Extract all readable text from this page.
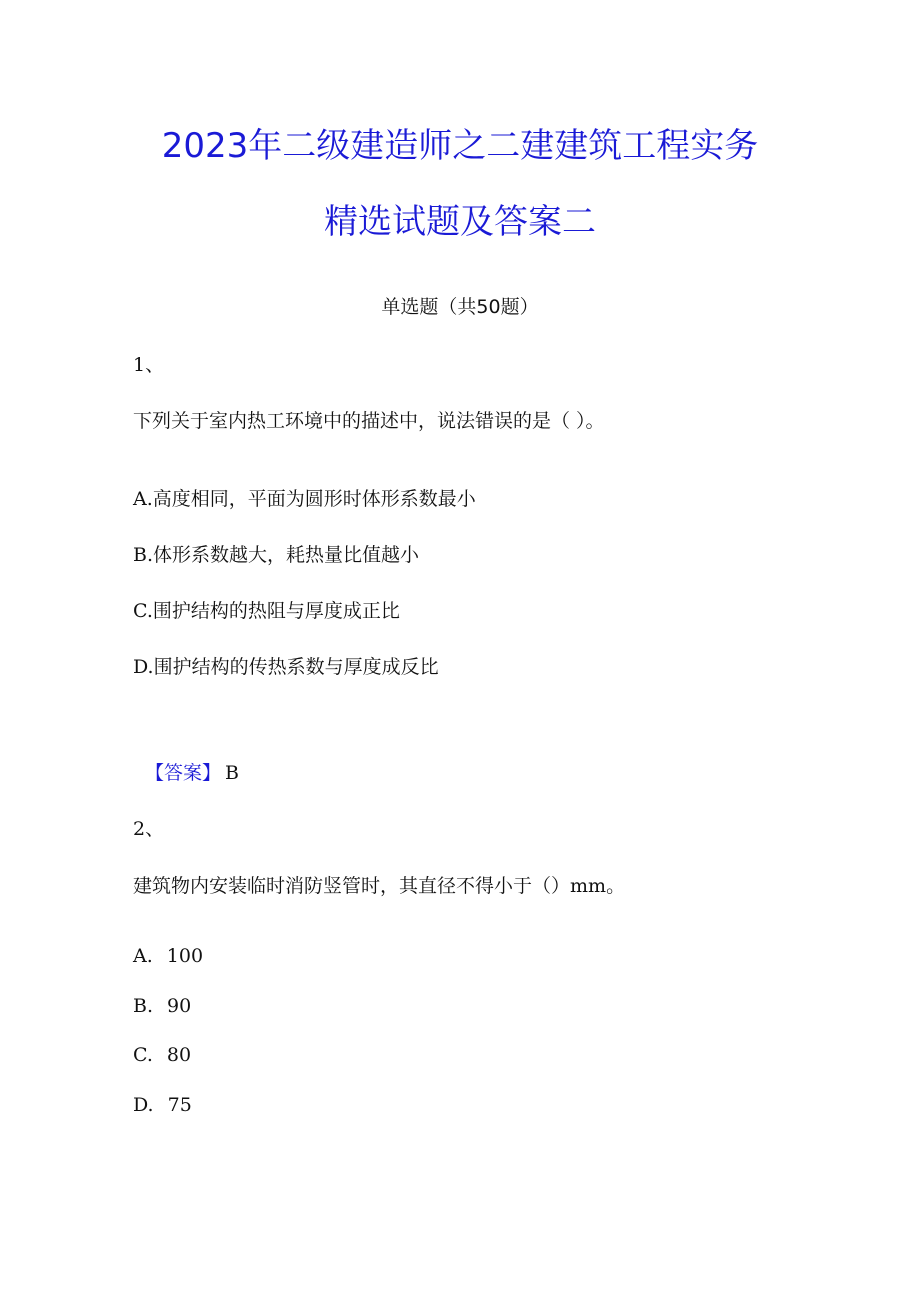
2023年二级建造师之二建建筑工程实务
精选试题及答案二
单选题（共50题）
1、
下列关于室内热工环境中的描述中，说法错误的是（ ）。
A.高度相同，平面为圆形时体形系数最小
B.体形系数越大，耗热量比值越小
C.围护结构的热阻与厚度成正比
D.围护结构的传热系数与厚度成反比
【答案】 B
2、
建筑物内安装临时消防竖管时，其直径不得小于（）mm。
A. 100
B. 90
C. 80
D. 75
